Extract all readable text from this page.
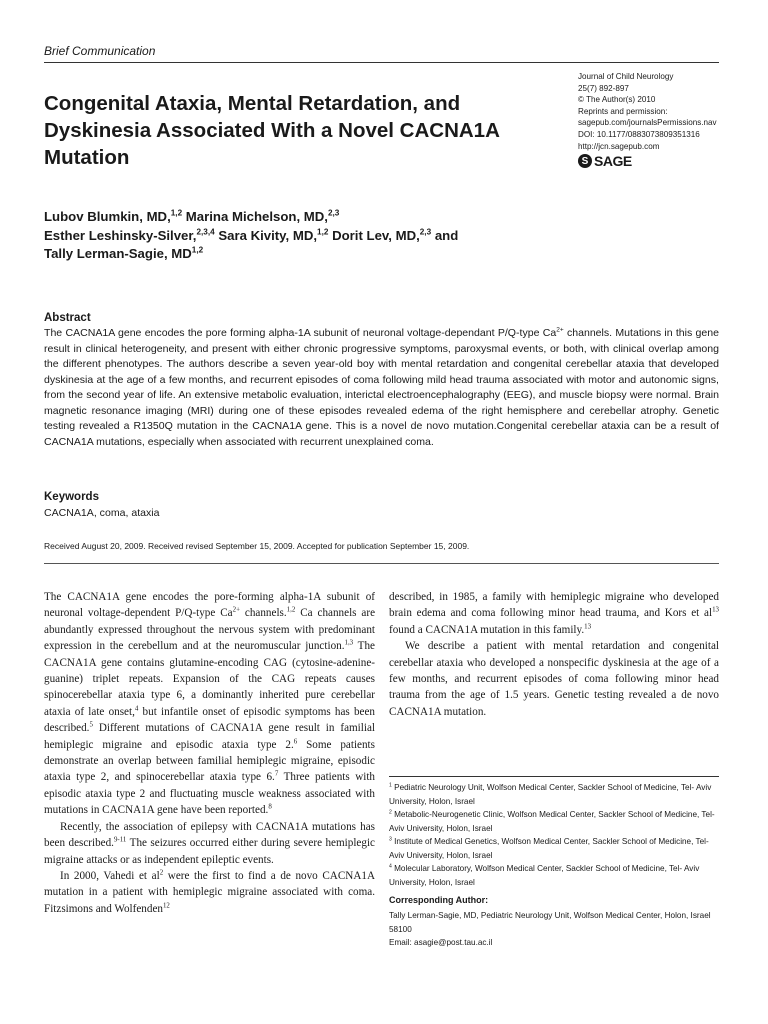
Brief Communication
Congenital Ataxia, Mental Retardation, and Dyskinesia Associated With a Novel CACNA1A Mutation
Journal of Child Neurology
25(7) 892-897
© The Author(s) 2010
Reprints and permission:
sagepub.com/journalsPermissions.nav
DOI: 10.1177/0883073809351316
http://jcn.sagepub.com
S SAGE
Lubov Blumkin, MD,$^{1,2}$ Marina Michelson, MD,$^{2,3}$
Esther Leshinsky-Silver,$^{2,3,4}$ Sara Kivity, MD,$^{1,2}$ Dorit Lev, MD,$^{2,3}$ and
Tally Lerman-Sagie, MD$^{1,2}$
Abstract

The CACNA1A gene encodes the pore forming alpha-1A subunit of neuronal voltage-dependant P/Q-type $Ca^{2+}$ channels. Mutations in this gene result in clinical heterogeneity, and present with either chronic progressive symptoms, paroxysmal events, or both, with clinical overlap among the different phenotypes. The authors describe a seven year-old boy with mental retardation and congenital cerebellar ataxia that developed dyskinesia at the age of a few months, and recurrent episodes of coma following mild head trauma associated with motor and autonomic signs, from the second year of life. An extensive metabolic evaluation, interictal electroencephalography (EEG), and muscle biopsy were normal. Brain magnetic resonance imaging (MRI) during one of these episodes revealed edema of the right hemisphere and cerebellar atrophy. Genetic testing revealed a R1350Q mutation in the CACNA1A gene. This is a novel de novo mutation.Congenital cerebellar ataxia can be a result of CACNA1A mutations, especially when associated with recurrent unexplained coma.

Keywords
CACNA1A, coma, ataxia
Received August 20, 2009. Received revised September 15, 2009. Accepted for publication September 15, 2009.

The CACNA1A gene encodes the pore-forming alpha-1A subunit of neuronal voltage-dependent P/Q-type $Ca^{2+}$ channels.$^{1,2}$ Ca channels are abundantly expressed throughout the nervous system with predominant expression in the cerebellum and at the neuromuscular junction.$^{1,3}$ The CACNA1A gene contains glutamine-encoding CAG (cytosine-adenine-guanine) triplet repeats. Expansion of the CAG repeats causes spinocerebellar ataxia type 6, a dominantly inherited pure cerebellar ataxia of late onset,$^4$ but infantile onset of episodic symptoms has been described.$^5$ Different mutations of CACNA1A gene result in familial hemiplegic migraine and episodic ataxia type 2.$^6$ Some patients demonstrate an overlap between familial hemiplegic migraine, episodic ataxia type 2, and spinocerebellar ataxia type 6.$^7$ Three patients with episodic ataxia type 2 and fluctuating muscle weakness associated with mutations in CACNA1A gene have been reported.$^8$

Recently, the association of epilepsy with CACNA1A mutations has been described.$^{9-11}$ The seizures occurred either during severe hemiplegic migraine attacks or as independent epileptic events.

In 2000, Vahedi et $al^2$ were the first to find a de novo CACNA1A mutation in a patient with hemiplegic migraine associated with coma. Fitzsimons and Wolfenden$^{12}$

described, in 1985, a family with hemiplegic migraine who developed brain edema and coma following minor head trauma, and Kors et $al^{13}$ found a CACNA1A mutation in this family.$^{13}$

We describe a patient with mental retardation and congenital cerebellar ataxia who developed a nonspecific dyskinesia at the age of a few months, and recurrent episodes of coma following minor head trauma from the age of 1.5 years. Genetic testing revealed a de novo CACNA1A mutation.

$^1$ Pediatric Neurology Unit, Wolfson Medical Center, Sackler School of Medicine, Tel- Aviv University, Holon, Israel
$^2$ Metabolic-Neurogenetic Clinic, Wolfson Medical Center, Sackler School of Medicine, Tel- Aviv University, Holon, Israel
$^3$ Institute of Medical Genetics, Wolfson Medical Center, Sackler School of Medicine, Tel- Aviv University, Holon, Israel
$^4$ Molecular Laboratory, Wolfson Medical Center, Sackler School of Medicine, Tel- Aviv University, Holon, Israel
Corresponding Author:
Tally Lerman-Sagie, MD, Pediatric Neurology Unit, Wolfson Medical Center, Holon, Israel 58100
Email: asagie@post.tau.ac.il
